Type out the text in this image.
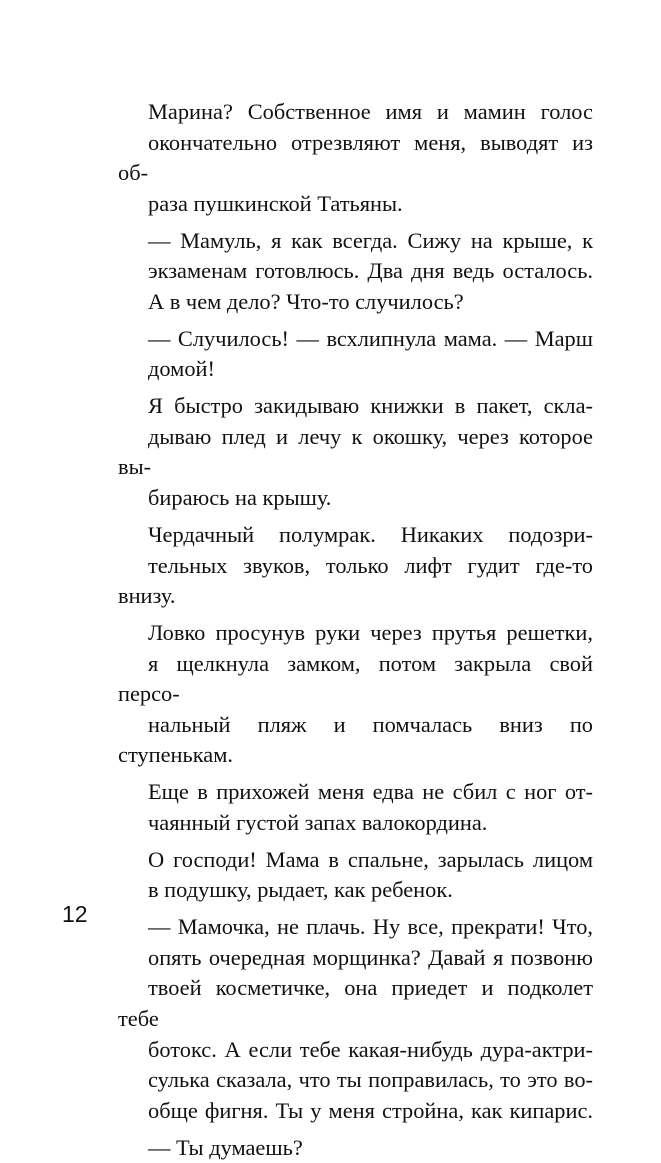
Марина? Собственное имя и мамин голос
окончательно отрезвляют меня, выводят из об-
раза пушкинской Татьяны.

— Мамуль, я как всегда. Сижу на крыше, к
экзаменам готовлюсь. Два дня ведь осталось.
А в чем дело? Что-то случилось?

— Случилось! — всхлипнула мама. — Марш
домой!

Я быстро закидываю книжки в пакет, скла-
дываю плед и лечу к окошку, через которое вы-
бираюсь на крышу.

Чердачный полумрак. Никаких подозри-
тельных звуков, только лифт гудит где-то внизу.

Ловко просунув руки через прутья решетки,
я щелкнула замком, потом закрыла свой персо-
нальный пляж и помчалась вниз по ступенькам.

Еще в прихожей меня едва не сбил с ног от-
чаянный густой запах валокордина.

О господи! Мама в спальне, зарылась лицом
в подушку, рыдает, как ребенок.

— Мамочка, не плачь. Ну все, прекрати! Что,
опять очередная морщинка? Давай я позвоню
твоей косметичке, она приедет и подколет тебе
ботокс. А если тебе какая-нибудь дура-актри-
сулька сказала, что ты поправилась, то это во-
обще фигня. Ты у меня стройна, как кипарис.

— Ты думаешь?

12
